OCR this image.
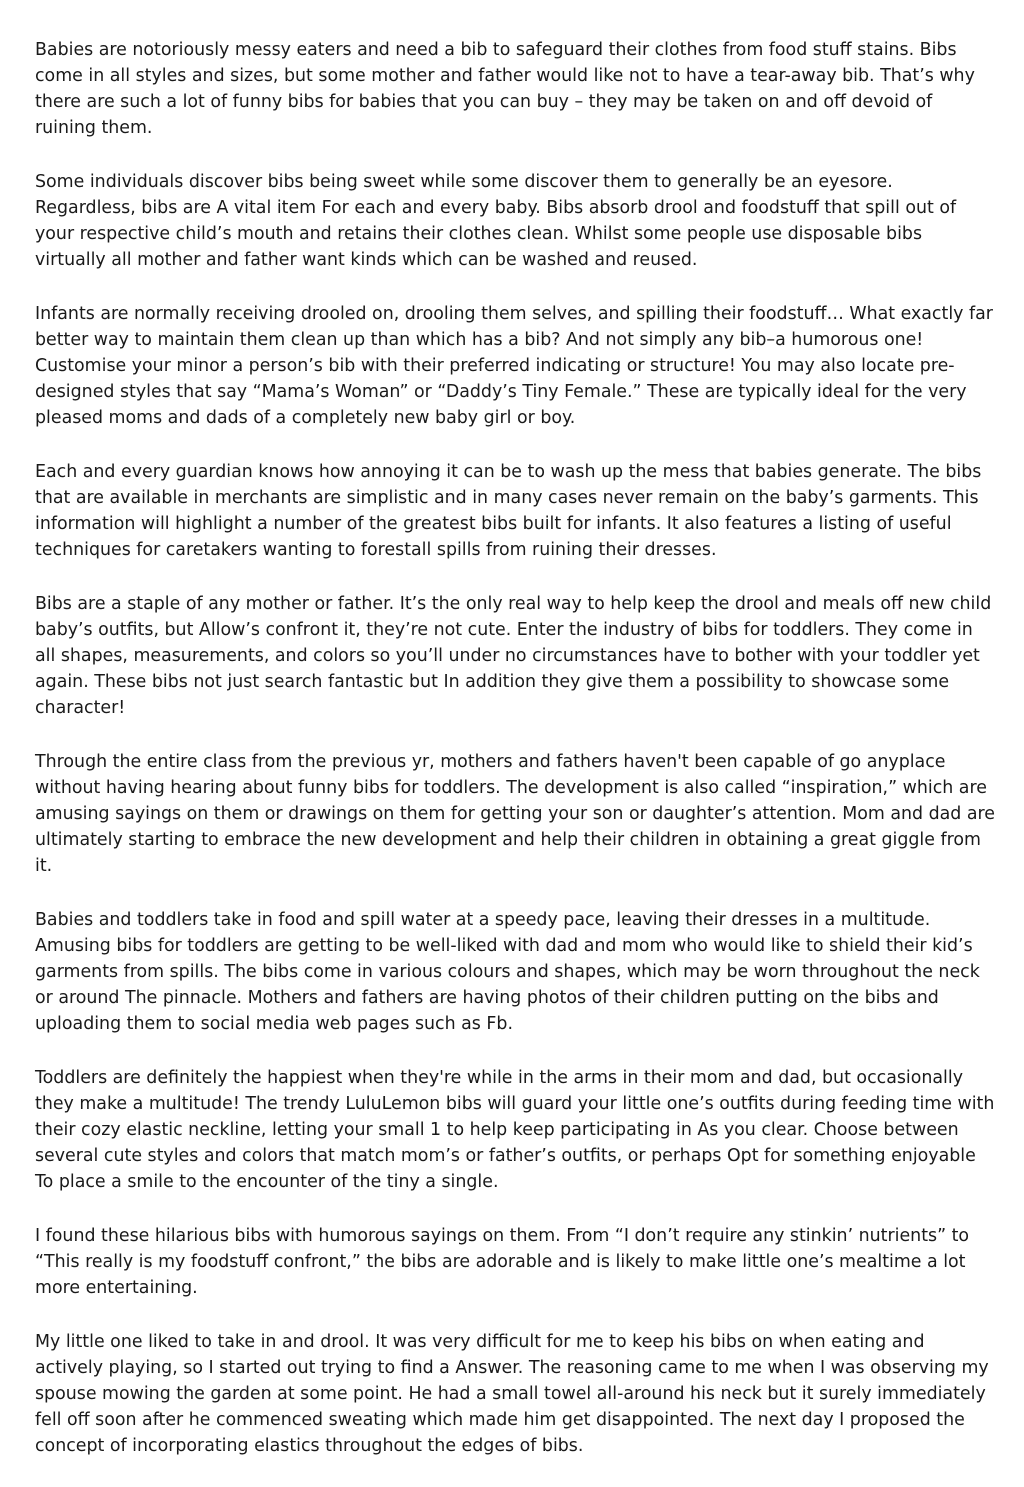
Babies are notoriously messy eaters and need a bib to safeguard their clothes from food stuff stains. Bibs come in all styles and sizes, but some mother and father would like not to have a tear-away bib. That’s why there are such a lot of funny bibs for babies that you can buy – they may be taken on and off devoid of ruining them.

Some individuals discover bibs being sweet while some discover them to generally be an eyesore. Regardless, bibs are A vital item For each and every baby. Bibs absorb drool and foodstuff that spill out of your respective child’s mouth and retains their clothes clean. Whilst some people use disposable bibs virtually all mother and father want kinds which can be washed and reused.

Infants are normally receiving drooled on, drooling them selves, and spilling their foodstuff… What exactly far better way to maintain them clean up than which has a bib? And not simply any bib–a humorous one! Customise your minor a person’s bib with their preferred indicating or structure! You may also locate pre-designed styles that say “Mama’s Woman” or “Daddy’s Tiny Female.” These are typically ideal for the very pleased moms and dads of a completely new baby girl or boy.

Each and every guardian knows how annoying it can be to wash up the mess that babies generate. The bibs that are available in merchants are simplistic and in many cases never remain on the baby’s garments. This information will highlight a number of the greatest bibs built for infants. It also features a listing of useful techniques for caretakers wanting to forestall spills from ruining their dresses.

Bibs are a staple of any mother or father. It’s the only real way to help keep the drool and meals off new child baby’s outfits, but Allow’s confront it, they’re not cute. Enter the industry of bibs for toddlers. They come in all shapes, measurements, and colors so you’ll under no circumstances have to bother with your toddler yet again. These bibs not just search fantastic but In addition they give them a possibility to showcase some character!

Through the entire class from the previous yr, mothers and fathers haven't been capable of go anyplace without having hearing about funny bibs for toddlers. The development is also called “inspiration,” which are amusing sayings on them or drawings on them for getting your son or daughter’s attention. Mom and dad are ultimately starting to embrace the new development and help their children in obtaining a great giggle from it.

Babies and toddlers take in food and spill water at a speedy pace, leaving their dresses in a multitude. Amusing bibs for toddlers are getting to be well-liked with dad and mom who would like to shield their kid’s garments from spills. The bibs come in various colours and shapes, which may be worn throughout the neck or around The pinnacle. Mothers and fathers are having photos of their children putting on the bibs and uploading them to social media web pages such as Fb.

Toddlers are definitely the happiest when they're while in the arms in their mom and dad, but occasionally they make a multitude! The trendy LuluLemon bibs will guard your little one’s outfits during feeding time with their cozy elastic neckline, letting your small 1 to help keep participating in As you clear. Choose between several cute styles and colors that match mom’s or father’s outfits, or perhaps Opt for something enjoyable To place a smile to the encounter of the tiny a single.

I found these hilarious bibs with humorous sayings on them. From “I don’t require any stinkin’ nutrients” to “This really is my foodstuff confront,” the bibs are adorable and is likely to make little one’s mealtime a lot more entertaining.

My little one liked to take in and drool. It was very difficult for me to keep his bibs on when eating and actively playing, so I started out trying to find a Answer. The reasoning came to me when I was observing my spouse mowing the garden at some point. He had a small towel all-around his neck but it surely immediately fell off soon after he commenced sweating which made him get disappointed. The next day I proposed the concept of incorporating elastics throughout the edges of bibs.
